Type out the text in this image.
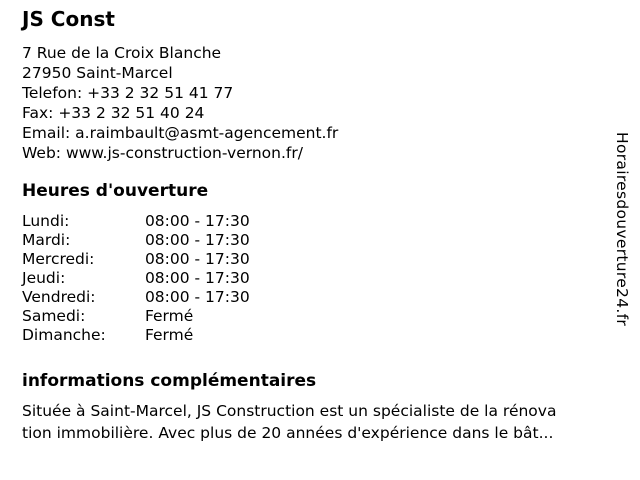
JS Const
7 Rue de la Croix Blanche
27950 Saint-Marcel
Telefon: +33 2 32 51 41 77
Fax: +33 2 32 51 40 24
Email: a.raimbault@asmt-agencement.fr
Web: www.js-construction-vernon.fr/
Heures d'ouverture
Lundi:	08:00 - 17:30
Mardi:	08:00 - 17:30
Mercredi:	08:00 - 17:30
Jeudi:	08:00 - 17:30
Vendredi:	08:00 - 17:30
Samedi:	Fermé
Dimanche:	Fermé
informations complémentaires
Située à Saint-Marcel, JS Construction est un spécialiste de la rénova
tion immobilière. Avec plus de 20 années d'expérience dans le bât...
Horairesdouverture24.fr
